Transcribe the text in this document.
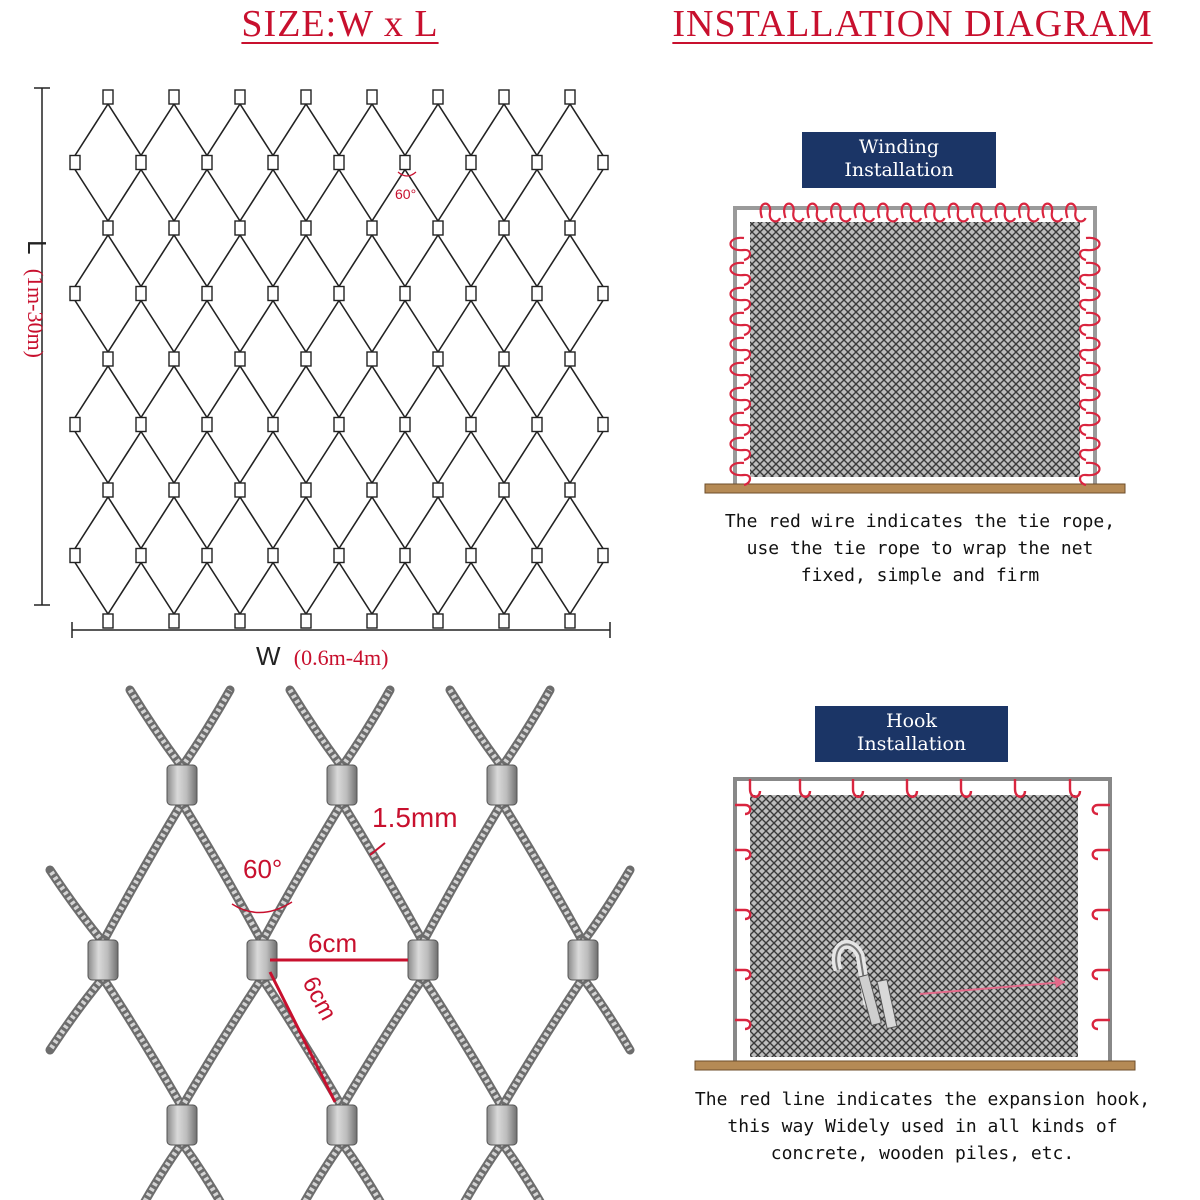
SIZE:W x L	INSTALLATION DIAGRAM
60°
W (0.6m-4m)
L (1m-30m)
60°
1.5mm
6cm
6cm
Winding
Installation
The red wire indicates the tie rope,
use the tie rope to wrap the net
fixed, simple and firm
Hook
Installation
The red line indicates the expansion hook,
this way Widely used in all kinds of
concrete, wooden piles, etc.
